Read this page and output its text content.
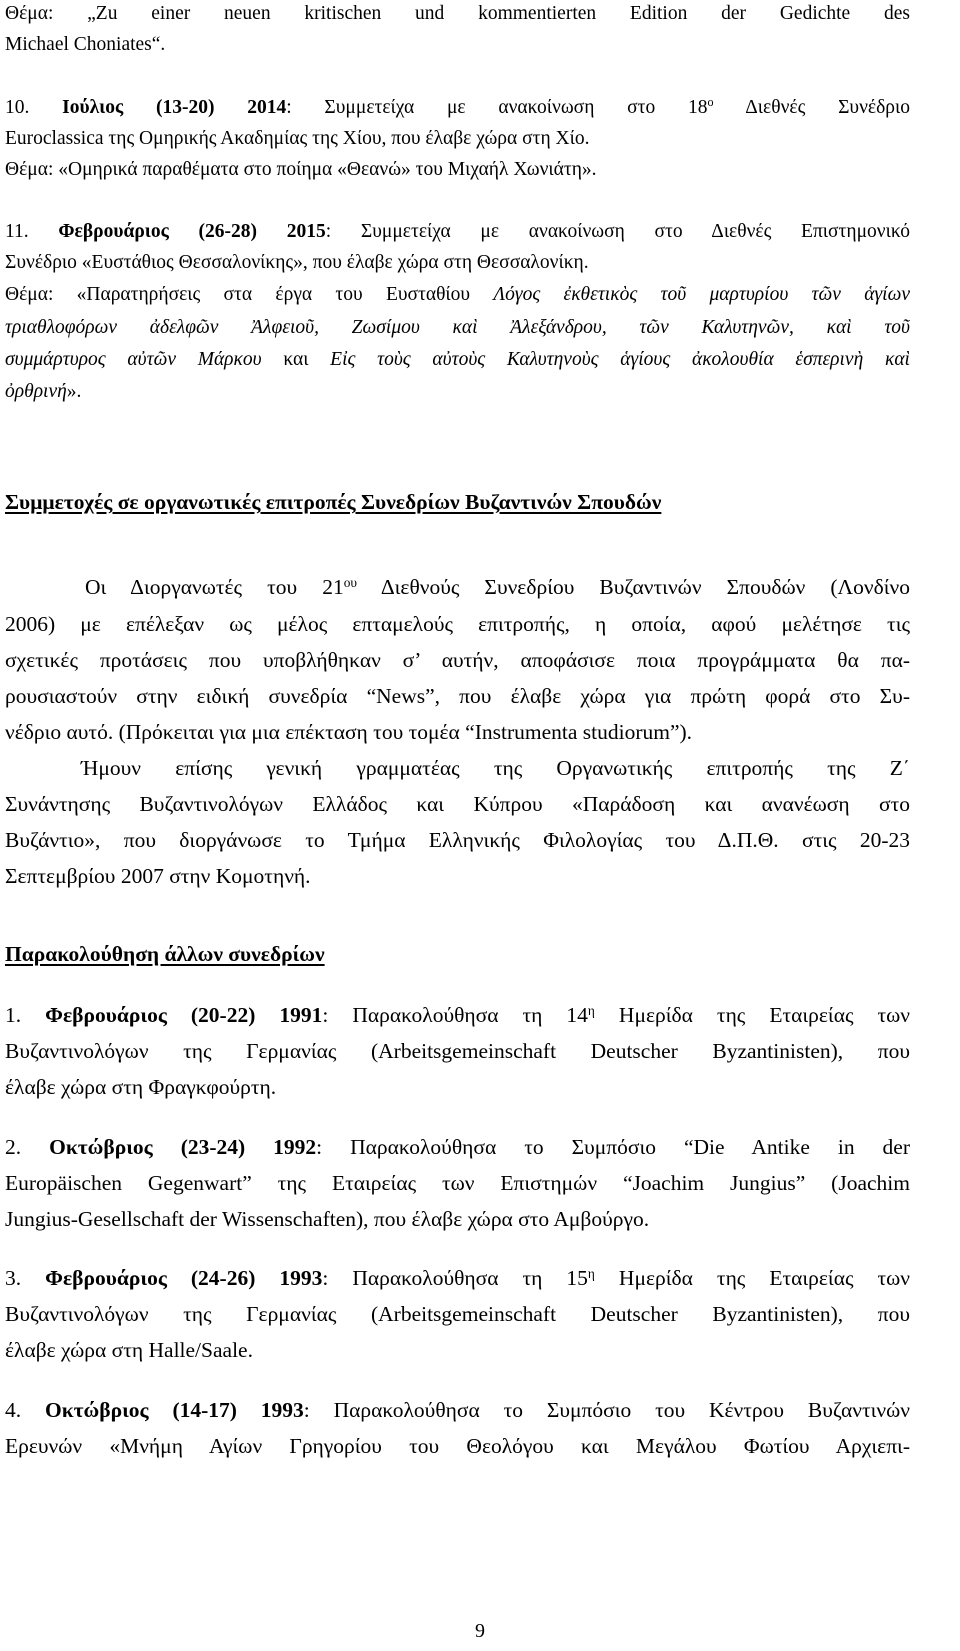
Θέμα: „Zu einer neuen kritischen und kommentierten Edition der Gedichte des
Michael Choniates“.
10. Ιούλιος (13-20) 2014: Συμμετείχα με ανακοίνωση στο $18^o$ Διεθνές Συνέδριο
Euroclassica της Ομηρικής Ακαδημίας της Χίου, που έλαβε χώρα στη Χίο.
Θέμα: «Ομηρικά παραθέματα στο ποίημα «Θεανώ» του Μιχαήλ Χωνιάτη».
11. Φεβρουάριος (26-28) 2015: Συμμετείχα με ανακοίνωση στο Διεθνές Επιστημονικό
Συνέδριο «Ευστάθιος Θεσσαλονίκης», που έλαβε χώρα στη Θεσσαλονίκη.
Θέμα: «Παρατηρήσεις στα έργα του Ευσταθίου Λόγος ἐκθετικὸς τοῦ μαρτυρίου τῶν ἁγίων
τριαθλοφόρων ἀδελφῶν Ἀλφειοῦ, Ζωσίμου καὶ Ἀλεξάνδρου, τῶν Καλυτηνῶν, καὶ τοῦ
συμμάρτυρος αὐτῶν Μάρκου και Εἰς τοὺς αὐτοὺς Καλυτηνοὺς ἁγίους ἀκολουθία ἑσπερινὴ καὶ
ὀρθρινή».
Συμμετοχές σε οργανωτικές επιτροπές Συνεδρίων Βυζαντινών Σπουδών
Οι Διοργανωτές του $21^{o\upsilon}$ Διεθνούς Συνεδρίου Βυζαντινών Σπουδών (Λονδίνο
2006) με επέλεξαν ως μέλος επταμελούς επιτροπής, η οποία, αφού μελέτησε τις
σχετικές προτάσεις που υποβλήθηκαν σ’ αυτήν, αποφάσισε ποια προγράμματα θα πα-
ρουσιαστούν στην ειδική συνεδρία “News”, που έλαβε χώρα για πρώτη φορά στο Συ-
νέδριο αυτό. (Πρόκειται για μια επέκταση του τομέα “Instrumenta studiorum”).
Ήμουν επίσης γενική γραμματέας της Οργανωτικής επιτροπής της Ζ΄
Συνάντησης Βυζαντινολόγων Ελλάδος και Κύπρου «Παράδοση και ανανέωση στο
Βυζάντιο», που διοργάνωσε το Τμήμα Ελληνικής Φιλολογίας του Δ.Π.Θ. στις 20-23
Σεπτεμβρίου 2007 στην Κομοτηνή.
Παρακολούθηση άλλων συνεδρίων
1. Φεβρουάριος (20-22) 1991: Παρακολούθησα τη $14^\eta$ Ημερίδα της Εταιρείας των
Βυζαντινολόγων της Γερμανίας (Arbeitsgemeinschaft Deutscher Byzantinisten), που
έλαβε χώρα στη Φραγκφούρτη.
2. Οκτώβριος (23-24) 1992: Παρακολούθησα το Συμπόσιο “Die Antike in der
Europäischen Gegenwart” της Εταιρείας των Επιστημών “Joachim Jungius” (Joachim
Jungius-Gesellschaft der Wissenschaften), που έλαβε χώρα στο Αμβούργο.
3. Φεβρουάριος (24-26) 1993: Παρακολούθησα τη $15^\eta$ Ημερίδα της Εταιρείας των
Βυζαντινολόγων της Γερμανίας (Arbeitsgemeinschaft Deutscher Byzantinisten), που
έλαβε χώρα στη Halle/Saale.
4. Οκτώβριος (14-17) 1993: Παρακολούθησα το Συμπόσιο του Κέντρου Βυζαντινών
Ερευνών «Μνήμη Αγίων Γρηγορίου του Θεολόγου και Μεγάλου Φωτίου Αρχιεπι-
9
